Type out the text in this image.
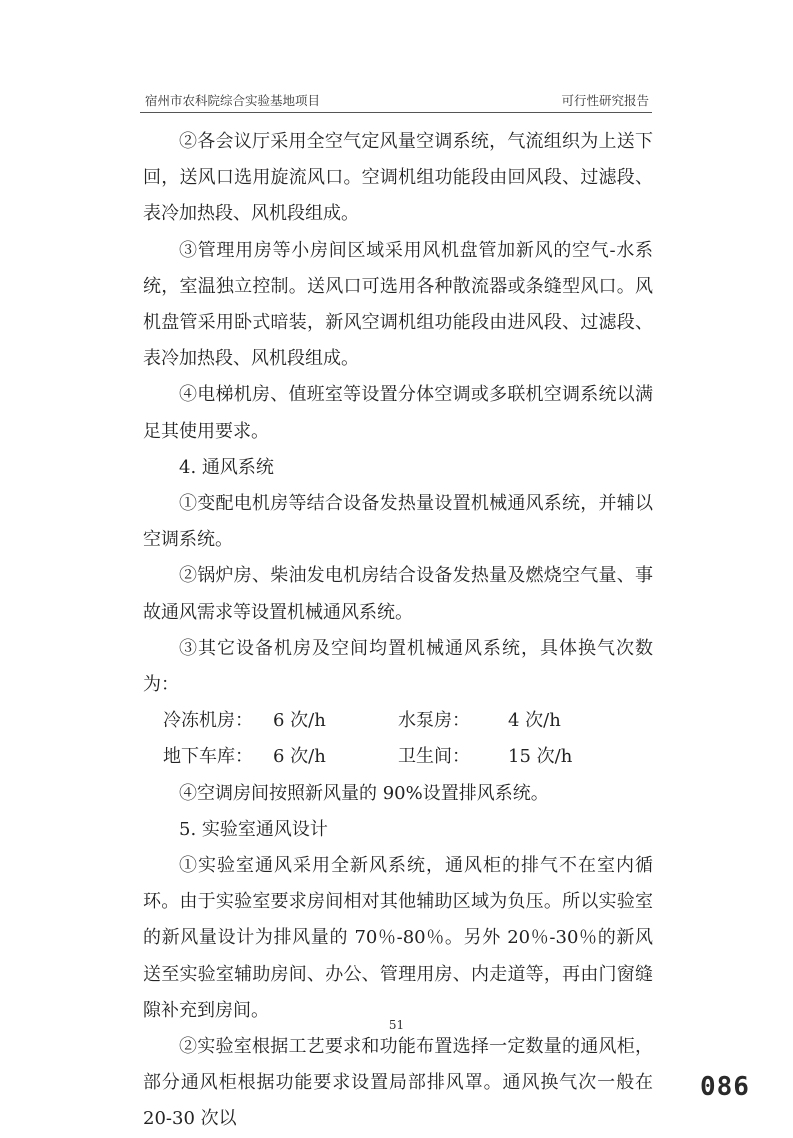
宿州市农科院综合实验基地项目	可行性研究报告

②各会议厅采用全空气定风量空调系统，气流组织为上送下回，送风口选用旋流风口。空调机组功能段由回风段、过滤段、表冷加热段、风机段组成。

③管理用房等小房间区域采用风机盘管加新风的空气-水系统，室温独立控制。送风口可选用各种散流器或条缝型风口。风机盘管采用卧式暗装，新风空调机组功能段由进风段、过滤段、表冷加热段、风机段组成。

④电梯机房、值班室等设置分体空调或多联机空调系统以满足其使用要求。

4. 通风系统

①变配电机房等结合设备发热量设置机械通风系统，并辅以空调系统。

②锅炉房、柴油发电机房结合设备发热量及燃烧空气量、事故通风需求等设置机械通风系统。

③其它设备机房及空间均置机械通风系统，具体换气次数为：

冷冻机房：	6 次/h	水泵房：	4 次/h
地下车库：	6 次/h	卫生间：	15 次/h

④空调房间按照新风量的 90%设置排风系统。

5. 实验室通风设计

①实验室通风采用全新风系统，通风柜的排气不在室内循环。由于实验室要求房间相对其他辅助区域为负压。所以实验室的新风量设计为排风量的 70％-80％。另外 20％-30％的新风送至实验室辅助房间、办公、管理用房、内走道等，再由门窗缝隙补充到房间。

②实验室根据工艺要求和功能布置选择一定数量的通风柜，部分通风柜根据功能要求设置局部排风罩。通风换气次一般在 20-30 次以

51
086
